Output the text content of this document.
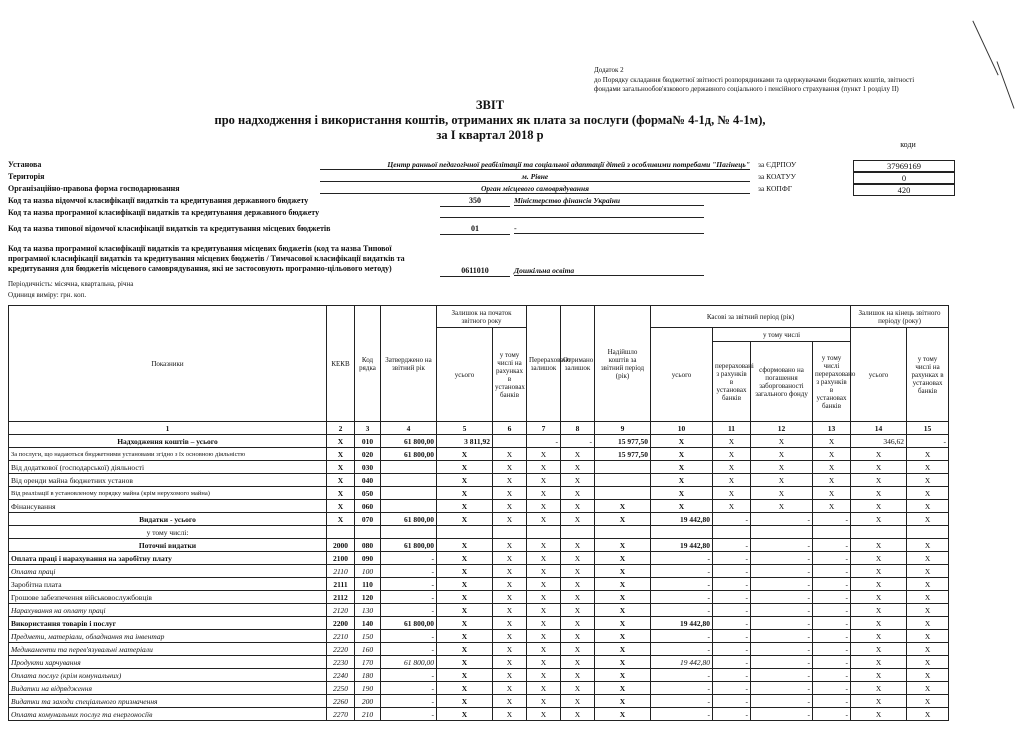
Додаток 2
до Порядку складання бюджетної звітності розпорядниками та одержувачами бюджетних коштів, звітності
фондами загальнообов'язкового державного соціального і пенсійного страхування (пункт 1 розділу II)
ЗВІТ
про надходження і використання коштів, отриманих як плата за послуги (форма№ 4-1д, № 4-1м),
за I квартал 2018 р
коди
Установа	Центр ранньої педагогічної реабілітації та соціальної адаптації дітей з особливими потребами "Пагінець"
Територія	м. Рівне
Організаційно-правова форма господарювання	Орган місцевого самоврядування
за ЄДРПОУ	37969169
за КОАТУУ	0
за КОПФГ	420
Код та назва відомчої класифікації видатків та кредитування державного бюджету	350	Міністерство фінансів України
Код та назва програмної класифікації видатків та кредитування державного бюджету
Код та назва типової відомчої класифікації видатків та кредитування місцевих бюджетів	01	-
Код та назва програмної класифікації видатків та кредитування місцевих бюджетів (код та назва Типової
програмної класифікації видатків та кредитування місцевих бюджетів / Тимчасової класифікації видатків та
кредитування для бюджетів місцевого самоврядування, які не застосовують програмно-цільового методу)	0611010	Дошкільна освіта
Періодичність: місячна, квартальна, річна
Одиниця виміру: грн. коп.
Показники	КЕКВ	Код рядка	Затверджено на звітний рік	Залишок на початок звітного року		Перераховано залишок	Отримано залишок	Надійшло коштів за звітний період (рік)	Касові за звітний період (рік)				Залишок на кінець звітного періоду (року)	
				усього	у тому числі на рахунках в установах банків				усього	у тому числі			усього	у тому числі на рахунках в установах банків
										перераховані з рахунків в установах банків	сформовано на погашення заборгованості загального фонду	у тому числі перераховано з рахунків в установах банків		
1	2	3	4	5	6	7	8	9	10	11	12	13	14	15
Надходження коштів – усього	X	010	61 800,00	3 811,92		-	-	15 977,50	X	X	X	X	346,62	-
За послуги, що надаються бюджетними установами згідно з їх основною діяльністю	X	020	61 800,00	X	X	X	X	15 977,50	X	X	X	X	X	X
Від додаткової (господарської) діяльності	X	030		X	X	X	X		X	X	X	X	X	X
Від оренди майна бюджетних установ	X	040		X	X	X	X		X	X	X	X	X	X
Від реалізації в установленому порядку майна (крім нерухомого майна)	X	050		X	X	X	X		X	X	X	X	X	X
Фінансування	X	060		X	X	X	X	X	X	X	X	X	X	X
Видатки - усього	X	070	61 800,00	X	X	X	X	X	19 442,80	-	-	-	X	X
у тому числі:														
Поточні видатки	2000	080	61 800,00	X	X	X	X	X	19 442,80	-	-	-	X	X
Оплата праці і нарахування на заробітну плату	2100	090	-	X	X	X	X	X	-	-	-	-	X	X
Оплата праці	2110	100	-	X	X	X	X	X	-	-	-	-	X	X
Заробітна плата	2111	110	-	X	X	X	X	X	-	-	-	-	X	X
Грошове забезпечення військовослужбовців	2112	120	-	X	X	X	X	X	-	-	-	-	X	X
Нарахування на оплату праці	2120	130	-	X	X	X	X	X	-	-	-	-	X	X
Використання товарів і послуг	2200	140	61 800,00	X	X	X	X	X	19 442,80	-	-	-	X	X
Предмети, матеріали, обладнання та інвентар	2210	150	-	X	X	X	X	X	-	-	-	-	X	X
Медикаменти та перев'язувальні матеріали	2220	160	-	X	X	X	X	X	-	-	-	-	X	X
Продукти харчування	2230	170	61 800,00	X	X	X	X	X	19 442,80	-	-	-	X	X
Оплата послуг (крім комунальних)	2240	180	-	X	X	X	X	X	-	-	-	-	X	X
Видатки на відрядження	2250	190	-	X	X	X	X	X	-	-	-	-	X	X
Видатки та заходи спеціального призначення	2260	200	-	X	X	X	X	X	-	-	-	-	X	X
Оплата комунальних послуг та енергоносіїв	2270	210	-	X	X	X	X	X	-	-	-	-	X	X
